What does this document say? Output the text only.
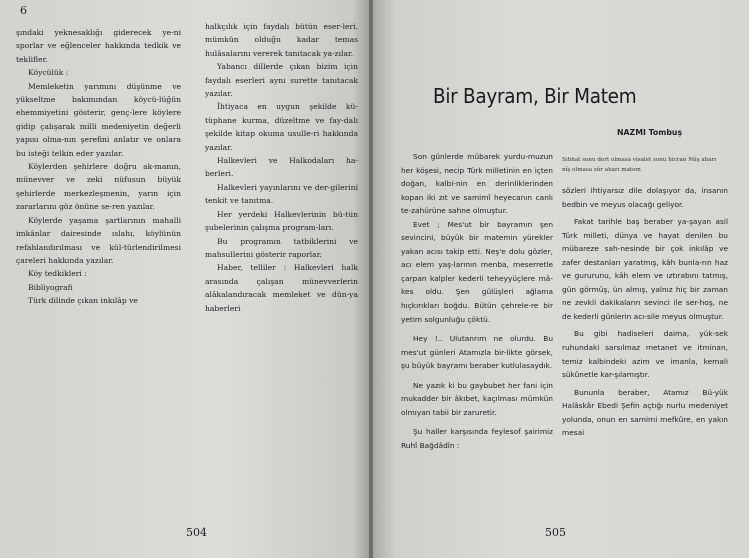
6

şındaki yeknesaklığı giderecek ye-ni sporlar ve eğlenceler hakkında tedkik ve teklifler.

Köycülük :

Memleketin yarımını düşünme ve yükseltme bakımından köycü-lüğün ehemmiyetini gösterir, genç-lere köylere gidip çalışarak milli medeniyetin değerli yapısı olma-nın şerefini anlatır ve onlara bu isteği telkin eder yazılar.

Köylerden şehirlere doğru ak-manın, münevver ve zeki nüfusun büyük şehirlerde merkezleşmenin, yarın için zararlarını göz önüne se-ren yazılar.

Köylerde yaşama şartlarının mahalli imkânlar dairesinde ıslahı, köylünün refahlandırılması ve kül-türlendirilmesi çareleri hakkında yazılar.

Köy tedkikleri :

Bibliyografi

Türk dilinde çıkan inkılâp ve

halkçılık için faydalı bütün eser-leri, mümkün olduğu kadar temas hulâsalarını vererek tanıtacak ya-zılar.

Yabancı dillerde çıkan bizim için faydalı eserleri aynı surette tanıtacak yazılar.

İhtiyaca en uygun şekilde kü-tüphane kurma, düzeltme ve fay-dalı şekilde kitap okuma usulle-ri hakkında yazılar.

Halkevleri ve Halkodaları ha-berleri.

Halkevleri yayınlarını ve der-gilerini tenkit ve tanıtma.

Her yerdeki Halkevlerinin bü-tün şubelerinin çalışma program-ları.

Bu programın tatbiklerini ve mahsullerini gösterir raporlar.

Haber, telliler : Halkevleri halk arasında çalışan münevverlerin alâkalandıracak memleket ve dün-ya haberleri

504
Bir Bayram, Bir Matem
NAZMI Tombuş
Sıhhat sonu dert olmasa visalet sonu hicran Nûş aharı nîş olmasa sûr aharı matem

Son günlerde mübarek yurdu-muzun her köşesi, necip Türk milletinin en içten doğan, kalbi-nin en derinliklerinden kopan iki zıt ve samimî heyecanın canlı te-zahürüne sahne olmuştur.

Evet ; Mes'ut bir bayramın şen sevincini, büyük bir matemin yürekler yakan acısı takip etti. Neş'e dolu gözler, acı elem yaş-larının menba, meserretle çarpan kalpler kederli teheyyüçlere mâ-kes oldu. Şen gülüşleri ağlama hıçkırıkları boğdu. Bütün çehrele-re bir yetim solgunluğu çöktü.

Hey !.. Ulutanrım ne olurdu. Bu mes'ut günleri Atamızla bir-likte görsek, şu büyük bayramı beraber kutlulasaydık.

Ne yazık ki bu gaybubet her fani için mukadder bir âkıbet, kaçılması mümkün olmıyan tabii bir zaruretir.

Şu haller karşısında feylesof şairimiz Ruhî Bağdâdîn :

sözleri ihtiyarsız dile dolaşıyor da, insanın bedbin ve meyus olacağı geliyor.

Fakat tarihle baş beraber ya-şayan asil Türk milleti, dünya ve hayat denilen bu mübareze sah-nesinde bir çok inkılâp ve zafer destanları yaratmış, kâh bunla-rın haz ve gururunu, kâh elem ve ıztırabını tatmış, gün görmüş, ün almış, yalnız hiç bir zaman ne zevkli dakikaların sevinci ile ser-hoş, ne de kederli günlerin acı-sile meyus olmuştur.

Bu gibi hadiseleri daima, yük-sek ruhundaki sarsılmaz metanet ve itminan, temiz kalbindeki azim ve imanla, kemali sükûnetle kar-şılamıştır.

Bununla beraber, Atamız Bü-yük Halâskâr Ebedi Şefin açtığı nurlu medeniyet yolunda, onun en samimi mefkûre, en yakın mesai

505
